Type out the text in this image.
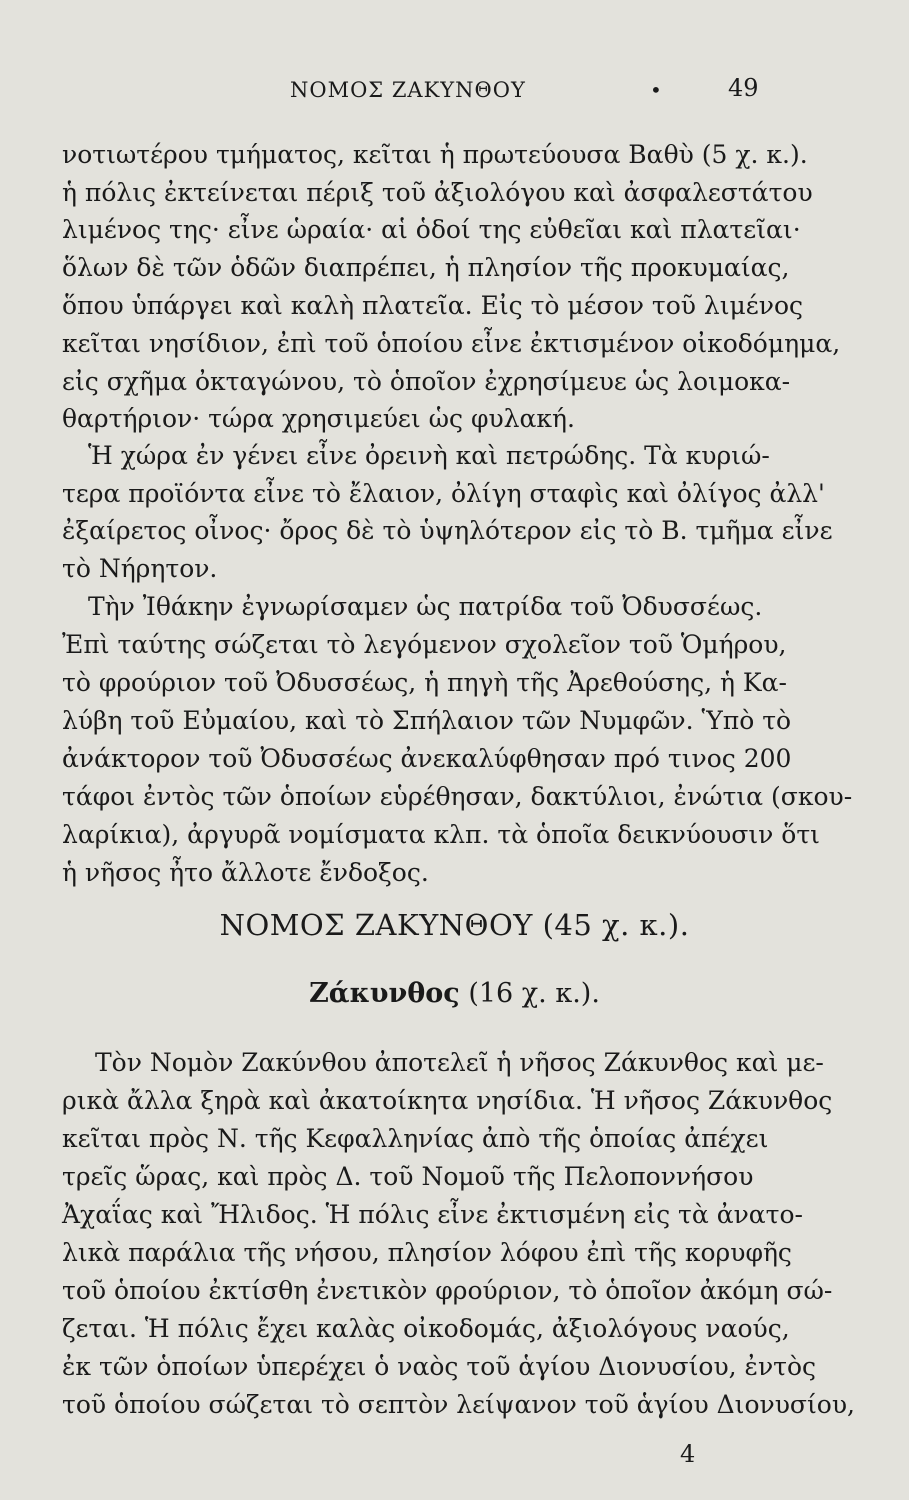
ΝΟΜΟΣ ΖΑΚΥΝΘΟΥ	•	49
νοτιωτέρου τμήματος, κεῖται ἡ πρωτεύουσα Βαθὺ (5 χ. κ.).
ἡ πόλις ἐκτείνεται πέριξ τοῦ ἀξιολόγου καὶ ἀσφαλεστάτου
λιμένος της· εἶνε ὡραία· αἱ ὁδοί της εὐθεῖαι καὶ πλατεῖαι·
ὅλων δὲ τῶν ὁδῶν διαπρέπει, ἡ πλησίον τῆς προκυμαίας,
ὅπου ὑπάργει καὶ καλὴ πλατεῖα. Εἰς τὸ μέσον τοῦ λιμένος
κεῖται νησίδιον, ἐπὶ τοῦ ὁποίου εἶνε ἐκτισμένον οἰκοδόμημα,
εἰς σχῆμα ὀκταγώνου, τὸ ὁποῖον ἐχρησίμευε ὡς λοιμοκα-
θαρτήριον· τώρα χρησιμεύει ὡς φυλακή.
Ἡ χώρα ἐν γένει εἶνε ὀρεινὴ καὶ πετρώδης. Τὰ κυριώ-
τερα προϊόντα εἶνε τὸ ἔλαιον, ὀλίγη σταφὶς καὶ ὀλίγος ἀλλ'
ἐξαίρετος οἶνος· ὄρος δὲ τὸ ὑψηλότερον εἰς τὸ Β. τμῆμα εἶνε
τὸ Νήρητον.
Τὴν Ἰθάκην ἐγνωρίσαμεν ὡς πατρίδα τοῦ Ὀδυσσέως.
Ἐπὶ ταύτης σώζεται τὸ λεγόμενον σχολεῖον τοῦ Ὁμήρου,
τὸ φρούριον τοῦ Ὀδυσσέως, ἡ πηγὴ τῆς Ἀρεθούσης, ἡ Κα-
λύβη τοῦ Εὐμαίου, καὶ τὸ Σπήλαιον τῶν Νυμφῶν. Ὑπὸ τὸ
ἀνάκτορον τοῦ Ὀδυσσέως ἀνεκαλύφθησαν πρό τινος 200
τάφοι ἐντὸς τῶν ὁποίων εὑρέθησαν, δακτύλιοι, ἐνώτια (σκου-
λαρίκια), ἀργυρᾶ νομίσματα κλπ. τὰ ὁποῖα δεικνύουσιν ὅτι
ἡ νῆσος ἦτο ἄλλοτε ἔνδοξος.
ΝΟΜΟΣ ΖΑΚΥΝΘΟΥ (45 χ. κ.).
Ζάκυνθος (16 χ. κ.).
Τὸν Νομὸν Ζακύνθου ἀποτελεῖ ἡ νῆσος Ζάκυνθος καὶ με-
ρικὰ ἄλλα ξηρὰ καὶ ἀκατοίκητα νησίδια. Ἡ νῆσος Ζάκυνθος
κεῖται πρὸς Ν. τῆς Κεφαλληνίας ἀπὸ τῆς ὁποίας ἀπέχει
τρεῖς ὥρας, καὶ πρὸς Δ. τοῦ Νομοῦ τῆς Πελοποννήσου
Ἀχαΐας καὶ Ἤλιδος. Ἡ πόλις εἶνε ἐκτισμένη εἰς τὰ ἀνατο-
λικὰ παράλια τῆς νήσου, πλησίον λόφου ἐπὶ τῆς κορυφῆς
τοῦ ὁποίου ἐκτίσθη ἐνετικὸν φρούριον, τὸ ὁποῖον ἀκόμη σώ-
ζεται. Ἡ πόλις ἔχει καλὰς οἰκοδομάς, ἀξιολόγους ναούς,
ἐκ τῶν ὁποίων ὑπερέχει ὁ ναὸς τοῦ ἁγίου Διονυσίου, ἐντὸς
τοῦ ὁποίου σώζεται τὸ σεπτὸν λείψανον τοῦ ἁγίου Διονυσίου,
4
